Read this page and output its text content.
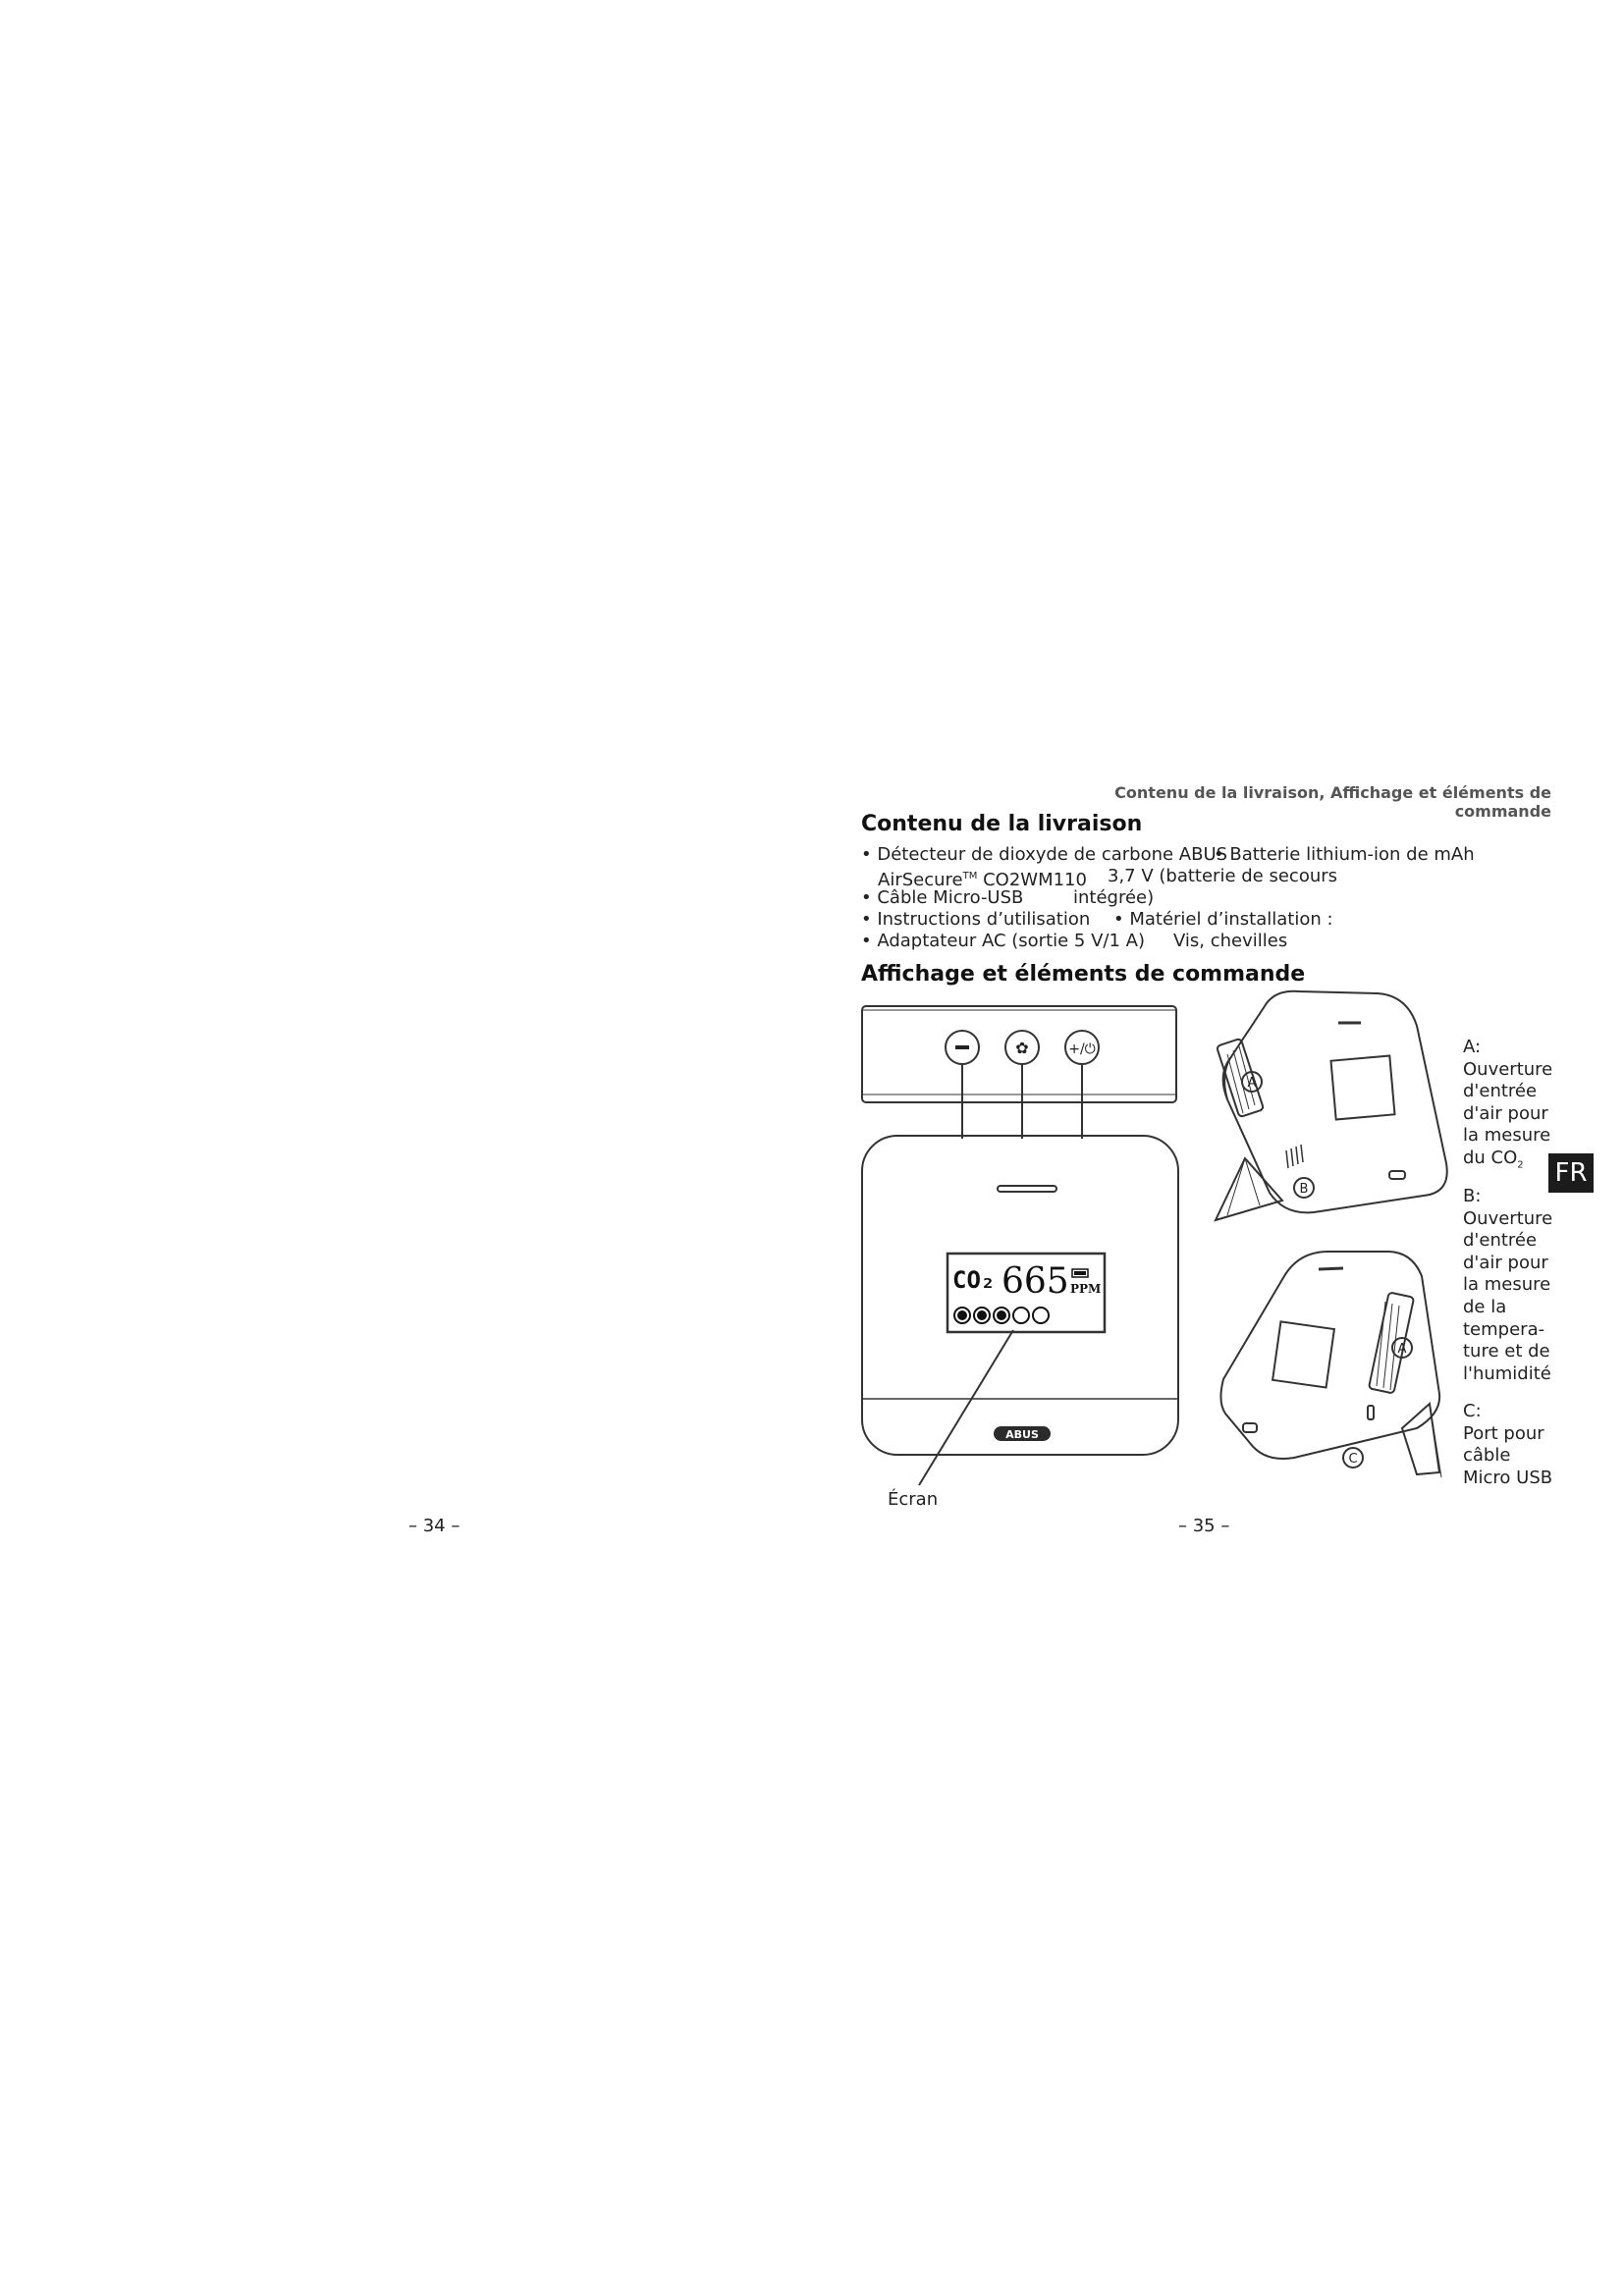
Contenu de la livraison, Affichage et éléments de commande
Contenu de la livraison
• Détecteur de dioxyde de carbone ABUS
AirSecure™ CO2WM110
• Câble Micro-USB
• Instructions d’utilisation
• Adaptateur AC (sortie 5 V/1 A)
• Batterie lithium-ion de mAh
3,7 V (batterie de secours
intégrée)
• Matériel d’installation :
Vis, chevilles
Affichage et éléments de commande
✿	+/⏻
CO₂ 665 PPM
ABUS
Écran
A
B
A
C
A:
Ouverture
d'entrée
d'air pour
la mesure
du $CO_2$
B:
Ouverture
d'entrée
d'air pour
la mesure
de la
tempera-
ture et de
l'humidité
C:
Port pour
câble
Micro USB
FR
– 34 –	– 35 –
